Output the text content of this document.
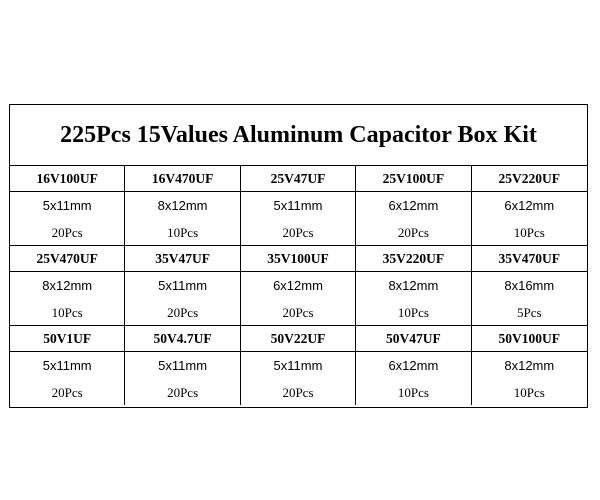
225Pcs 15Values Aluminum Capacitor Box Kit
16V100UF
5x11mm
20Pcs
16V470UF
8x12mm
10Pcs
25V47UF
5x11mm
20Pcs
25V100UF
6x12mm
20Pcs
25V220UF
6x12mm
10Pcs
25V470UF
8x12mm
10Pcs
35V47UF
5x11mm
20Pcs
35V100UF
6x12mm
20Pcs
35V220UF
8x12mm
10Pcs
35V470UF
8x16mm
5Pcs
50V1UF
5x11mm
20Pcs
50V4.7UF
5x11mm
20Pcs
50V22UF
5x11mm
20Pcs
50V47UF
6x12mm
10Pcs
50V100UF
8x12mm
10Pcs
